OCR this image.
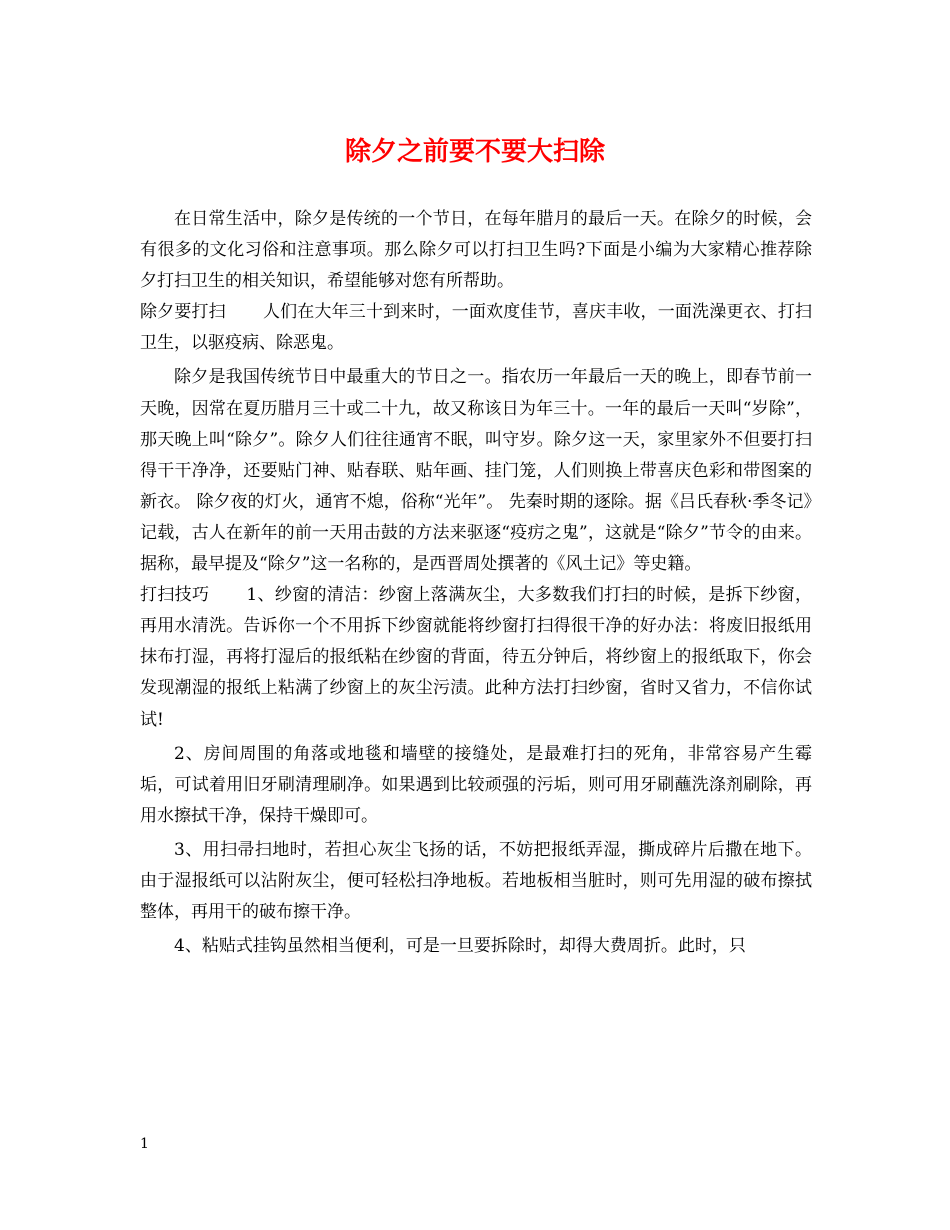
除夕之前要不要大扫除

在日常生活中，除夕是传统的一个节日，在每年腊月的最后一天。在除夕的时候，会有很多的文化习俗和注意事项。那么除夕可以打扫卫生吗?下面是小编为大家精心推荐除夕打扫卫生的相关知识，希望能够对您有所帮助。

除夕要打扫 人们在大年三十到来时，一面欢度佳节，喜庆丰收，一面洗澡更衣、打扫卫生，以驱疫病、除恶鬼。

除夕是我国传统节日中最重大的节日之一。指农历一年最后一天的晚上，即春节前一天晚，因常在夏历腊月三十或二十九，故又称该日为年三十。一年的最后一天叫“岁除”，那天晚上叫“除夕”。除夕人们往往通宵不眠，叫守岁。除夕这一天，家里家外不但要打扫得干干净净，还要贴门神、贴春联、贴年画、挂门笼，人们则换上带喜庆色彩和带图案的新衣。 除夕夜的灯火，通宵不熄，俗称“光年”。 先秦时期的逐除。据《吕氏春秋·季冬记》记载，古人在新年的前一天用击鼓的方法来驱逐“疫疠之鬼”，这就是“除夕”节令的由来。据称，最早提及“除夕”这一名称的，是西晋周处撰著的《风土记》等史籍。

打扫技巧 1、纱窗的清洁：纱窗上落满灰尘，大多数我们打扫的时候，是拆下纱窗，再用水清洗。告诉你一个不用拆下纱窗就能将纱窗打扫得很干净的好办法：将废旧报纸用抹布打湿，再将打湿后的报纸粘在纱窗的背面，待五分钟后，将纱窗上的报纸取下，你会发现潮湿的报纸上粘满了纱窗上的灰尘污渍。此种方法打扫纱窗，省时又省力，不信你试试!

2、房间周围的角落或地毯和墙壁的接缝处，是最难打扫的死角，非常容易产生霉垢，可试着用旧牙刷清理刷净。如果遇到比较顽强的污垢，则可用牙刷蘸洗涤剂刷除，再用水擦拭干净，保持干燥即可。

3、用扫帚扫地时，若担心灰尘飞扬的话，不妨把报纸弄湿，撕成碎片后撒在地下。由于湿报纸可以沾附灰尘，便可轻松扫净地板。若地板相当脏时，则可先用湿的破布擦拭整体，再用干的破布擦干净。

4、粘贴式挂钩虽然相当便利，可是一旦要拆除时，却得大费周折。此时，只

1
